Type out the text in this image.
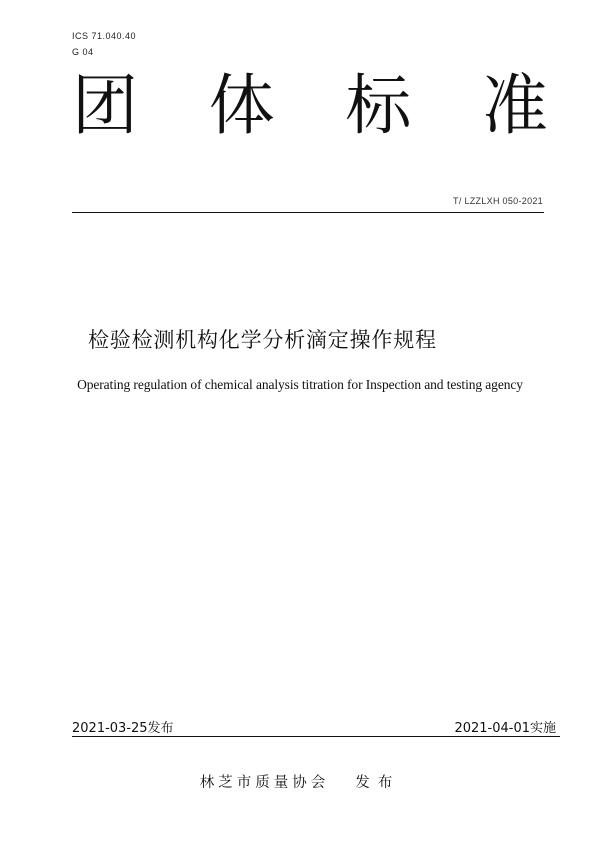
ICS 71.040.40
G 04
团 体 标 准
T/ LZZLXH 050-2021
检验检测机构化学分析滴定操作规程
Operating regulation of chemical analysis titration for Inspection and testing agency
2021-03-25发布	2021-04-01实施
林芝市质量协会 发布
